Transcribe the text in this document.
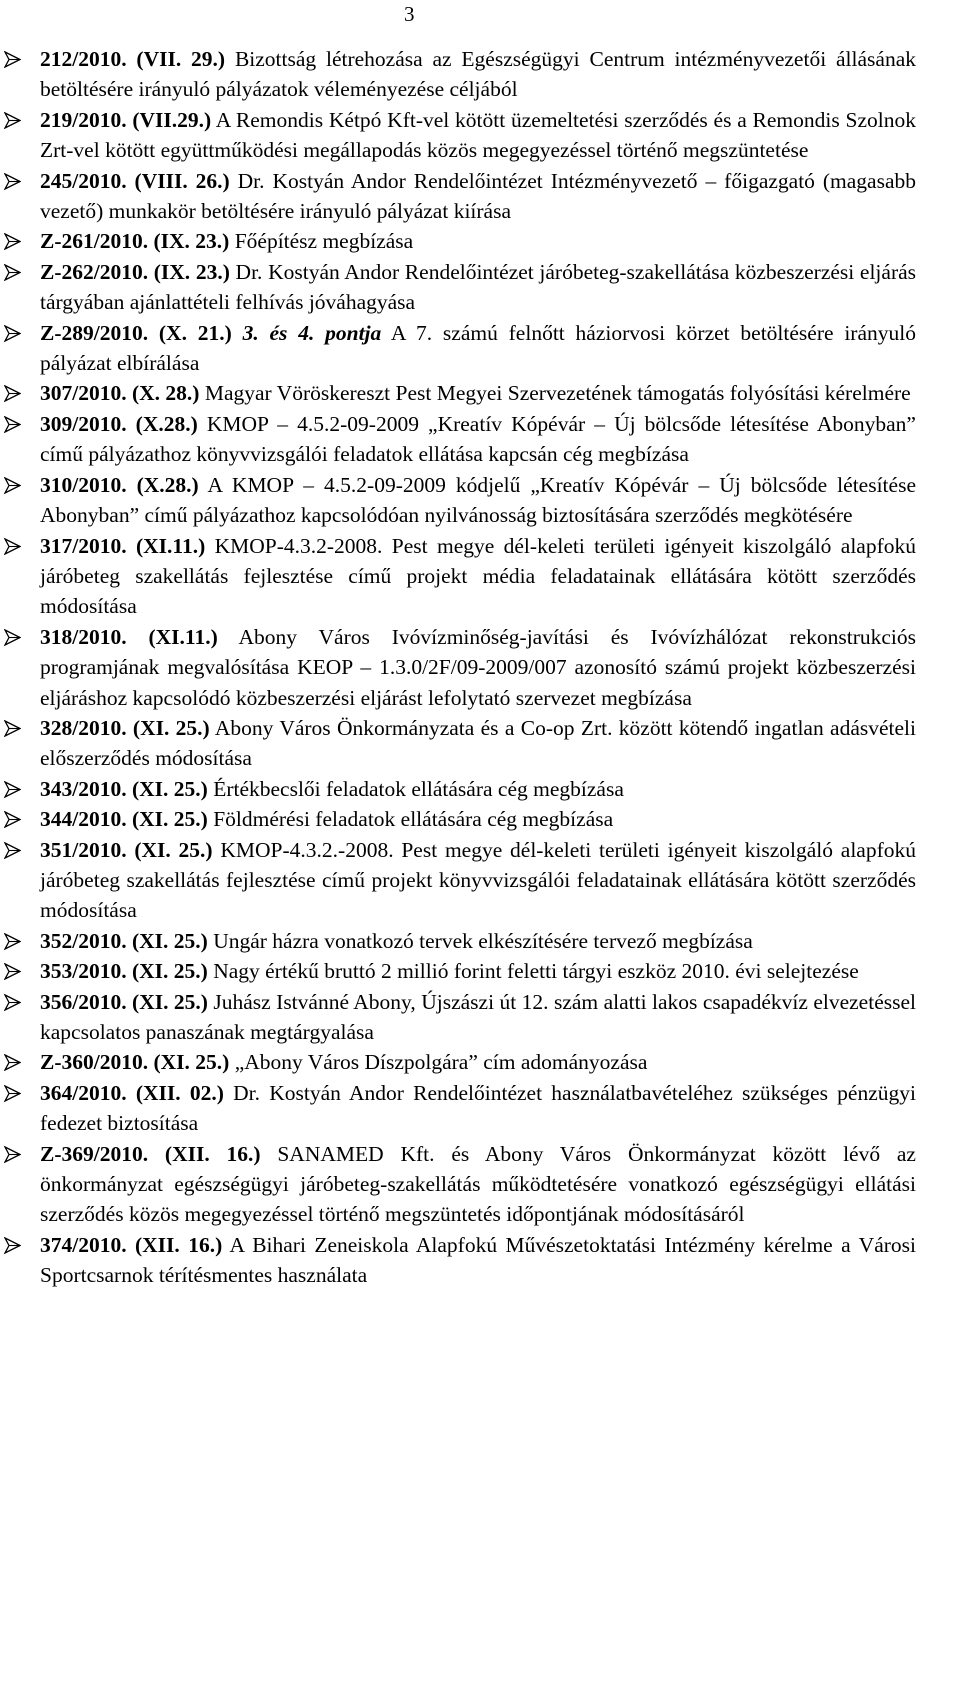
3
212/2010. (VII. 29.) Bizottság létrehozása az Egészségügyi Centrum intézményvezetői állásának betöltésére irányuló pályázatok véleményezése céljából
219/2010. (VII.29.) A Remondis Kétpó Kft-vel kötött üzemeltetési szerződés és a Remondis Szolnok Zrt-vel kötött együttműködési megállapodás közös megegyezéssel történő megszüntetése
245/2010. (VIII. 26.) Dr. Kostyán Andor Rendelőintézet Intézményvezető – főigazgató (magasabb vezető) munkakör betöltésére irányuló pályázat kiírása
Z-261/2010. (IX. 23.) Főépítész megbízása
Z-262/2010. (IX. 23.) Dr. Kostyán Andor Rendelőintézet járóbeteg-szakellátása közbeszerzési eljárás tárgyában ajánlattételi felhívás jóváhagyása
Z-289/2010. (X. 21.) 3. és 4. pontja A 7. számú felnőtt háziorvosi körzet betöltésére irányuló pályázat elbírálása
307/2010. (X. 28.) Magyar Vöröskereszt Pest Megyei Szervezetének támogatás folyósítási kérelmére
309/2010. (X.28.) KMOP – 4.5.2-09-2009 „Kreatív Kópévár – Új bölcsőde létesítése Abonyban” című pályázathoz könyvvizsgálói feladatok ellátása kapcsán cég megbízása
310/2010. (X.28.) A KMOP – 4.5.2-09-2009 kódjelű „Kreatív Kópévár – Új bölcsőde létesítése Abonyban” című pályázathoz kapcsolódóan nyilvánosság biztosítására szerződés megkötésére
317/2010. (XI.11.) KMOP-4.3.2-2008. Pest megye dél-keleti területi igényeit kiszolgáló alapfokú járóbeteg szakellátás fejlesztése című projekt média feladatainak ellátására kötött szerződés módosítása
318/2010. (XI.11.) Abony Város Ivóvízminőség-javítási és Ivóvízhálózat rekonstrukciós programjának megvalósítása KEOP – 1.3.0/2F/09-2009/007 azonosító számú projekt közbeszerzési eljáráshoz kapcsolódó közbeszerzési eljárást lefolytató szervezet megbízása
328/2010. (XI. 25.) Abony Város Önkormányzata és a Co-op Zrt. között kötendő ingatlan adásvételi előszerződés módosítása
343/2010. (XI. 25.) Értékbecslői feladatok ellátására cég megbízása
344/2010. (XI. 25.) Földmérési feladatok ellátására cég megbízása
351/2010. (XI. 25.) KMOP-4.3.2.-2008. Pest megye dél-keleti területi igényeit kiszolgáló alapfokú járóbeteg szakellátás fejlesztése című projekt könyvvizsgálói feladatainak ellátására kötött szerződés módosítása
352/2010. (XI. 25.) Ungár házra vonatkozó tervek elkészítésére tervező megbízása
353/2010. (XI. 25.) Nagy értékű bruttó 2 millió forint feletti tárgyi eszköz 2010. évi selejtezése
356/2010. (XI. 25.) Juhász Istvánné Abony, Újszászi út 12. szám alatti lakos csapadékvíz elvezetéssel kapcsolatos panaszának megtárgyalása
Z-360/2010. (XI. 25.) „Abony Város Díszpolgára” cím adományozása
364/2010. (XII. 02.) Dr. Kostyán Andor Rendelőintézet használatbavételéhez szükséges pénzügyi fedezet biztosítása
Z-369/2010. (XII. 16.) SANAMED Kft. és Abony Város Önkormányzat között lévő az önkormányzat egészségügyi járóbeteg-szakellátás működtetésére vonatkozó egészségügyi ellátási szerződés közös megegyezéssel történő megszüntetés időpontjának módosításáról
374/2010. (XII. 16.) A Bihari Zeneiskola Alapfokú Művészetoktatási Intézmény kérelme a Városi Sportcsarnok térítésmentes használata
